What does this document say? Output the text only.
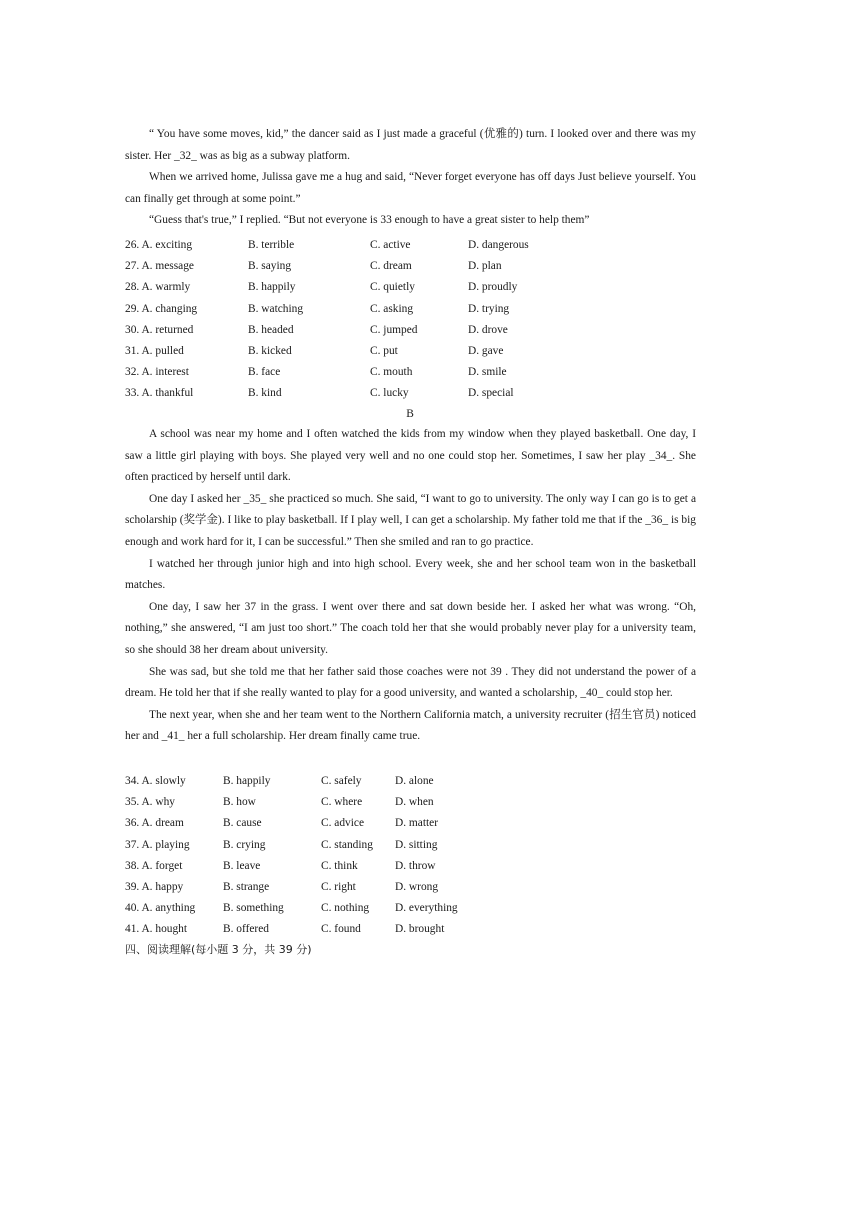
“ You have some moves, kid,” the dancer said as I just made a graceful (优雅的) turn. I looked over and there was my sister. Her _32_ was as big as a subway platform.

When we arrived home, Julissa gave me a hug and said, “Never forget everyone has off days Just believe yourself. You can finally get through at some point.”

“Guess that's true,” I replied. “But not everyone is 33 enough to have a great sister to help them”

26. A. exciting	B. terrible	C. active	D. dangerous
27. A. message	B. saying	C. dream	D. plan
28. A. warmly	B. happily	C. quietly	D. proudly
29. A. changing	B. watching	C. asking	D. trying
30. A. returned	B. headed	C. jumped	D. drove
31. A. pulled	B. kicked	C. put	D. gave
32. A. interest	B. face	C. mouth	D. smile
33. A. thankful	B. kind	C. lucky	D. special
B

A school was near my home and I often watched the kids from my window when they played basketball. One day, I saw a little girl playing with boys. She played very well and no one could stop her. Sometimes, I saw her play _34_. She often practiced by herself until dark.

One day I asked her _35_ she practiced so much. She said, “I want to go to university. The only way I can go is to get a scholarship (奖学金). I like to play basketball. If I play well, I can get a scholarship. My father told me that if the _36_ is big enough and work hard for it, I can be successful.” Then she smiled and ran to go practice.

I watched her through junior high and into high school. Every week, she and her school team won in the basketball matches.

One day, I saw her 37 in the grass. I went over there and sat down beside her. I asked her what was wrong. “Oh, nothing,” she answered, “I am just too short.” The coach told her that she would probably never play for a university team, so she should 38 her dream about university.

She was sad, but she told me that her father said those coaches were not 39 . They did not understand the power of a dream. He told her that if she really wanted to play for a good university, and wanted a scholarship, _40_ could stop her.

The next year, when she and her team went to the Northern California match, a university recruiter (招生官员) noticed her and _41_ her a full scholarship. Her dream finally came true.

34. A. slowly	B. happily	C. safely	D. alone
35. A. why	B. how	C. where	D. when
36. A. dream	B. cause	C. advice	D. matter
37. A. playing	B. crying	C. standing D. sitting
38. A. forget	B. leave	C. think	D. throw
39. A. happy	B. strange	C. right	D. wrong
40. A. anything B. something	C. nothing D. everything
41. A. hought	B. offered	C. found	D. brought
四、阅读理解(每小题 3 分，共 39 分)
